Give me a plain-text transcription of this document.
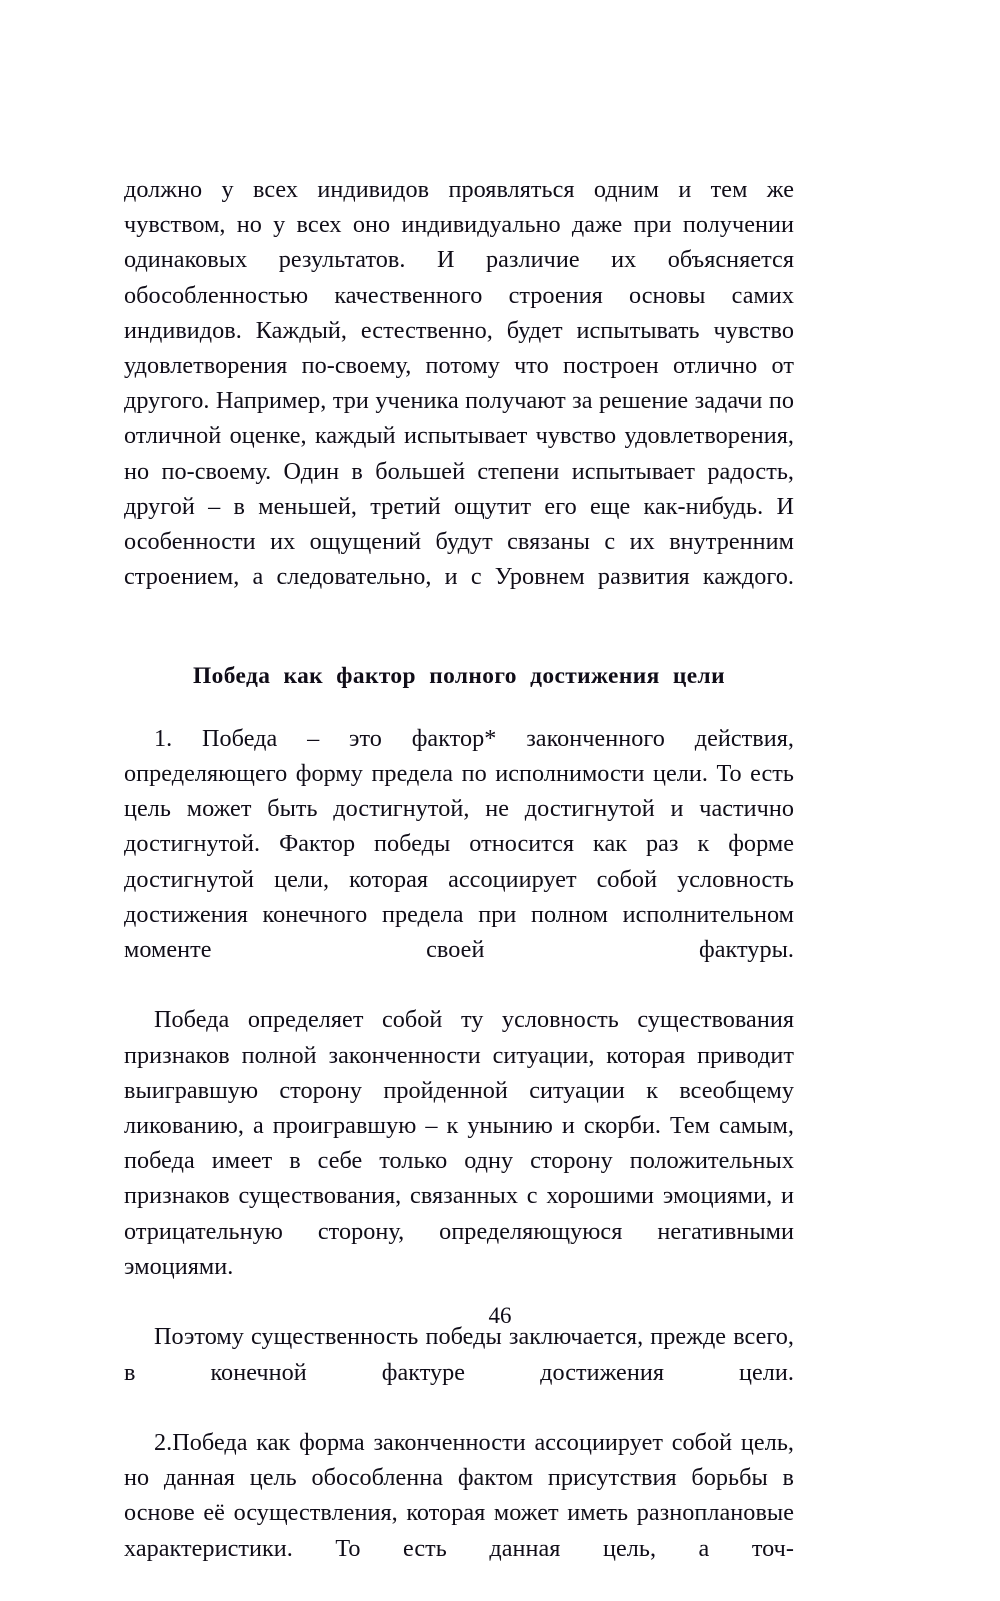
должно у всех индивидов проявляться одним и тем же чувством, но у всех оно индивидуально даже при получении одинаковых результатов. И различие их объясняется обособленностью качественного строения основы самих индивидов. Каждый, естественно, будет испытывать чувство удовлетворения по-своему, потому что построен отлично от другого. Например, три ученика получают за решение задачи по отличной оценке, каждый испытывает чувство удовлетворения, но по-своему. Один в большей степени испытывает радость, другой – в меньшей, третий ощутит его еще как-нибудь. И особенности их ощущений будут связаны с их внутренним строением, а следовательно, и с Уровнем развития каждого.

Победа как фактор полного достижения цели

1. Победа – это фактор* законченного действия, определяющего форму предела по исполнимости цели. То есть цель может быть достигнутой, не достигнутой и частично достигнутой. Фактор победы относится как раз к форме достигнутой цели, которая ассоциирует собой условность достижения конечного предела при полном исполнительном моменте своей фактуры.

Победа определяет собой ту условность существования признаков полной законченности ситуации, которая приводит выигравшую сторону пройденной ситуации к всеобщему ликованию, а проигравшую – к унынию и скорби. Тем самым, победа имеет в себе только одну сторону положительных признаков существования, связанных с хорошими эмоциями, и отрицательную сторону, определяющуюся негативными эмоциями.

Поэтому существенность победы заключается, прежде всего, в конечной фактуре достижения цели.

2.Победа как форма законченности ассоциирует собой цель, но данная цель обособленна фактом присутствия борьбы в основе её осуществления, которая может иметь разноплановые характеристики. То есть данная цель, а точ-

46
